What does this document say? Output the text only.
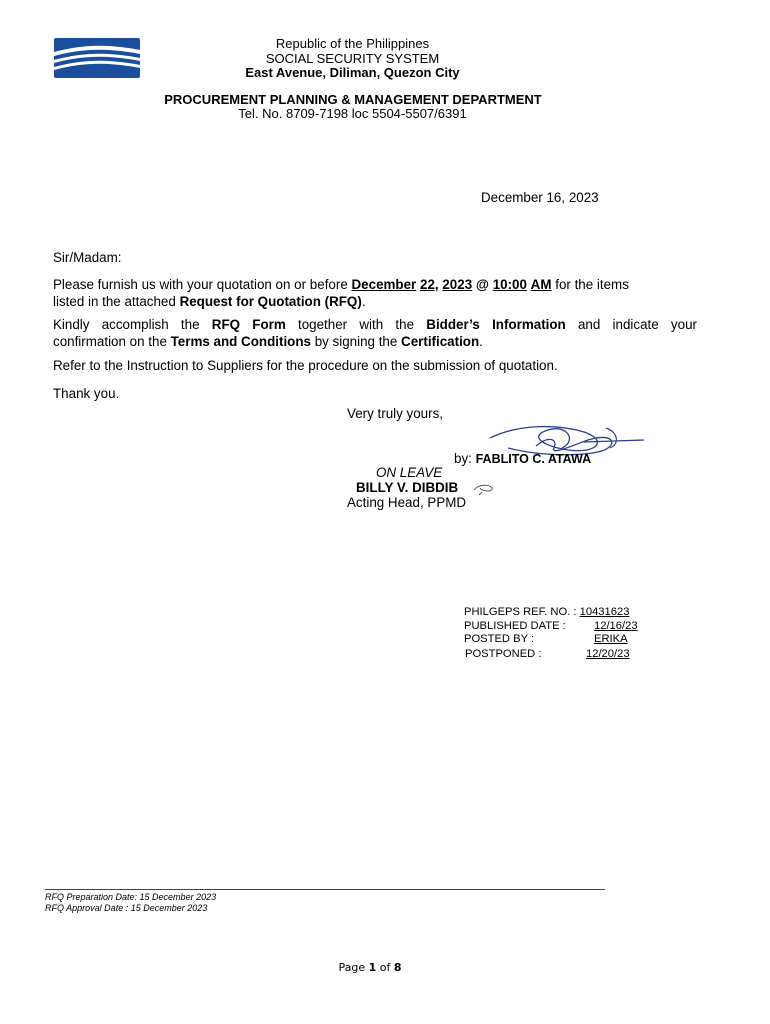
Republic of the Philippines
SOCIAL SECURITY SYSTEM
East Avenue, Diliman, Quezon City
PROCUREMENT PLANNING & MANAGEMENT DEPARTMENT
Tel. No. 8709-7198 loc 5504-5507/6391
December 16, 2023
Sir/Madam:
Please furnish us with your quotation on or before December 22, 2023 @ 10:00 AM for the items
listed in the attached Request for Quotation (RFQ).
Kindly accomplish the RFQ Form together with the Bidder’s Information and indicate your
confirmation on the Terms and Conditions by signing the Certification.
Refer to the Instruction to Suppliers for the procedure on the submission of quotation.
Thank you.
Very truly yours,
by: FABLITO C. ATAWA
ON LEAVE
BILLY V. DIBDIB
Acting Head, PPMD
PHILGEPS REF. NO. : 10431623
PUBLISHED DATE :	12/16/23
POSTED BY :	ERIKA
POSTPONED :	12/20/23
RFQ Preparation Date: 15 December 2023
RFQ Approval Date : 15 December 2023
Page 1 of 8
